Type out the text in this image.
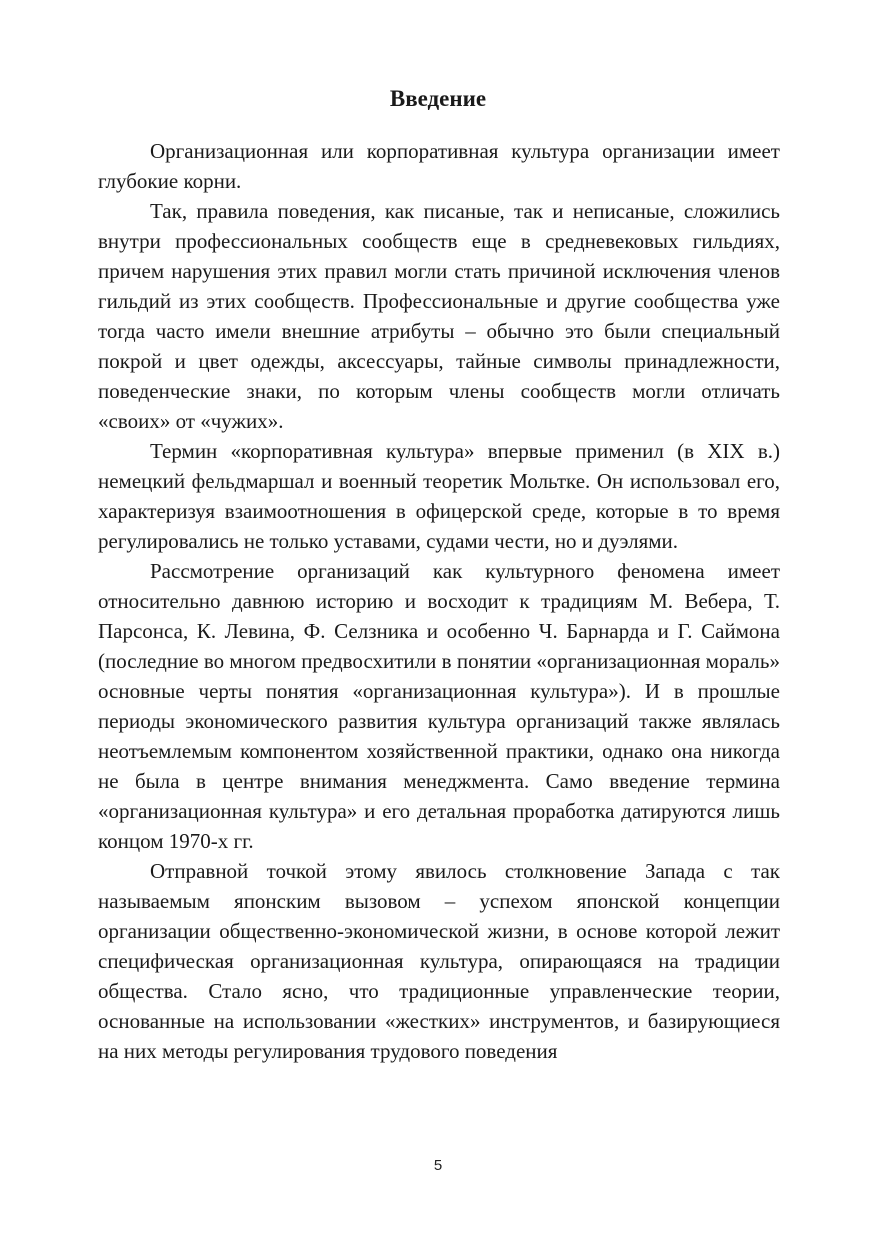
Введение

Организационная или корпоративная культура организации имеет глубокие корни.

Так, правила поведения, как писаные, так и неписаные, сложились внутри профессиональных сообществ еще в средневековых гильдиях, причем нарушения этих правил могли стать причиной исключения членов гильдий из этих сообществ. Профессиональные и другие сообщества уже тогда часто имели внешние атрибуты – обычно это были специальный покрой и цвет одежды, аксессуары, тайные символы принадлежности, поведенческие знаки, по которым члены сообществ могли отличать «своих» от «чужих».

Термин «корпоративная культура» впервые применил (в XIX в.) немецкий фельдмаршал и военный теоретик Мольтке. Он использовал его, характеризуя взаимоотношения в офицерской среде, которые в то время регулировались не только уставами, судами чести, но и дуэлями.

Рассмотрение организаций как культурного феномена имеет относительно давнюю историю и восходит к традициям М. Вебера, Т. Парсонса, К. Левина, Ф. Селзника и особенно Ч. Барнарда и Г. Саймона (последние во многом предвосхитили в понятии «организационная мораль» основные черты понятия «организационная культура»). И в прошлые периоды экономического развития культура организаций также являлась неотъемлемым компонентом хозяйственной практики, однако она никогда не была в центре внимания менеджмента. Само введение термина «организационная культура» и его детальная проработка датируются лишь концом 1970-х гг.

Отправной точкой этому явилось столкновение Запада с так называемым японским вызовом – успехом японской концепции организации общественно-экономической жизни, в основе которой лежит специфическая организационная культура, опирающаяся на традиции общества. Стало ясно, что традиционные управленческие теории, основанные на использовании «жестких» инструментов, и базирующиеся на них методы регулирования трудового поведения

5
